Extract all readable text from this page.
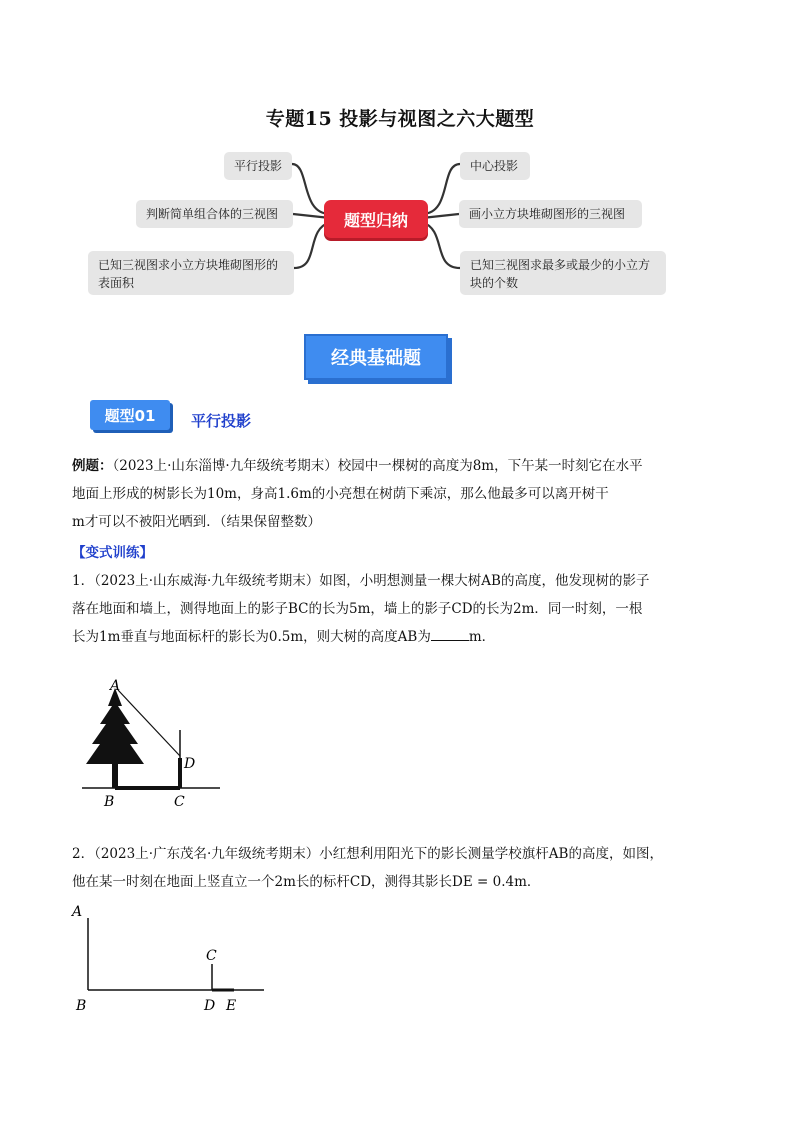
专题15 投影与视图之六大题型
平行投影
判断简单组合体的三视图
已知三视图求小立方块堆砌图形的表面积
题型归纳
中心投影
画小立方块堆砌图形的三视图
已知三视图求最多或最少的小立方块的个数
经典基础题
题型01	平行投影
例题：（2023上·山东淄博·九年级统考期末）校园中一棵树的高度为8m，下午某一时刻它在水平
地面上形成的树影长为10m，身高1.6m的小亮想在树荫下乘凉，那么他最多可以离开树干
m才可以不被阳光晒到．（结果保留整数）
【变式训练】
1．（2023上·山东威海·九年级统考期末）如图，小明想测量一棵大树AB的高度，他发现树的影子
落在地面和墙上，测得地面上的影子BC的长为5m，墙上的影子CD的长为2m．同一时刻，一根
长为1m垂直与地面标杆的影长为0.5m，则大树的高度AB为	m．
A
D
B	C
2．（2023上·广东茂名·九年级统考期末）小红想利用阳光下的影长测量学校旗杆AB的高度，如图，
他在某一时刻在地面上竖直立一个2m长的标杆CD，测得其影长DE = 0.4m．
A
B
C
D E
